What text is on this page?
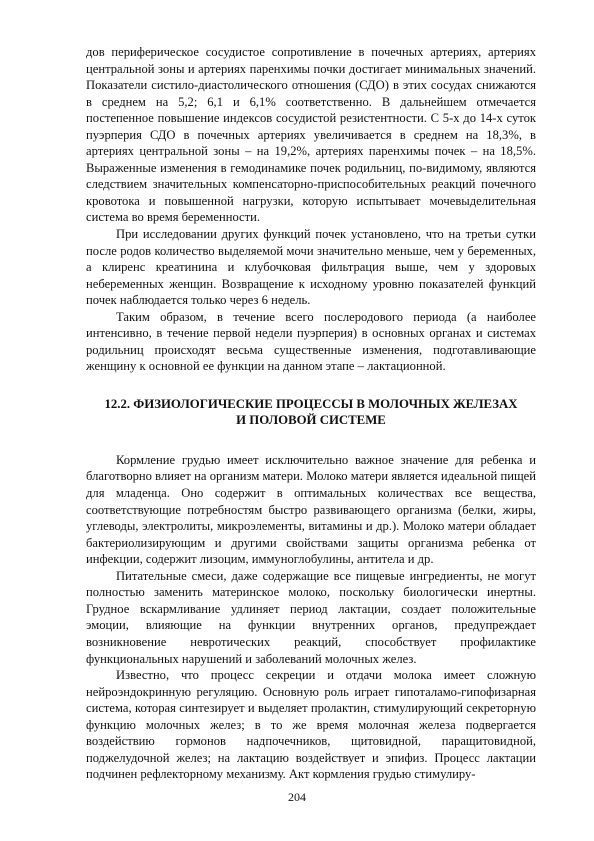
дов периферическое сосудистое сопротивление в почечных артериях, артериях центральной зоны и артериях паренхимы почки достигает минимальных значений. Показатели систило-диастолического отношения (СДО) в этих сосудах снижаются в среднем на 5,2; 6,1 и 6,1% соответственно. В дальнейшем отмечается постепенное повышение индексов сосудистой резистентности. С 5-х до 14-х суток пуэрперия СДО в почечных артериях увеличивается в среднем на 18,3%, в артериях центральной зоны – на 19,2%, артериях паренхимы почек – на 18,5%. Выраженные изменения в гемодинамике почек родильниц, по-видимому, являются следствием значительных компенсаторно-приспособительных реакций почечного кровотока и повышенной нагрузки, которую испытывает мочевыделительная система во время беременности.

При исследовании других функций почек установлено, что на третьи сутки после родов количество выделяемой мочи значительно меньше, чем у беременных, а клиренс креатинина и клубочковая фильтрация выше, чем у здоровых небеременных женщин. Возвращение к исходному уровню показателей функций почек наблюдается только через 6 недель.

Таким образом, в течение всего послеродового периода (а наиболее интенсивно, в течение первой недели пуэрперия) в основных органах и системах родильниц происходят весьма существенные изменения, подготавливающие женщину к основной ее функции на данном этапе – лактационной.

12.2. ФИЗИОЛОГИЧЕСКИЕ ПРОЦЕССЫ В МОЛОЧНЫХ ЖЕЛЕЗАХ
И ПОЛОВОЙ СИСТЕМЕ

Кормление грудью имеет исключительно важное значение для ребенка и благотворно влияет на организм матери. Молоко матери является идеальной пищей для младенца. Оно содержит в оптимальных количествах все вещества, соответствующие потребностям быстро развивающего организма (белки, жиры, углеводы, электролиты, микроэлементы, витамины и др.). Молоко матери обладает бактериолизирующим и другими свойствами защиты организма ребенка от инфекции, содержит лизоцим, иммуноглобулины, антитела и др.

Питательные смеси, даже содержащие все пищевые ингредиенты, не могут полностью заменить материнское молоко, поскольку биологически инертны. Грудное вскармливание удлиняет период лактации, создает положительные эмоции, влияющие на функции внутренних органов, предупреждает возникновение невротических реакций, способствует профилактике функциональных нарушений и заболеваний молочных желез.

Известно, что процесс секреции и отдачи молока имеет сложную нейроэндокринную регуляцию. Основную роль играет гипоталамо-гипофизарная система, которая синтезирует и выделяет пролактин, стимулирующий секреторную функцию молочных желез; в то же время молочная железа подвергается воздействию гормонов надпочечников, щитовидной, паращитовидной, поджелудочной желез; на лактацию воздействует и эпифиз. Процесс лактации подчинен рефлекторному механизму. Акт кормления грудью стимулиру-

204
